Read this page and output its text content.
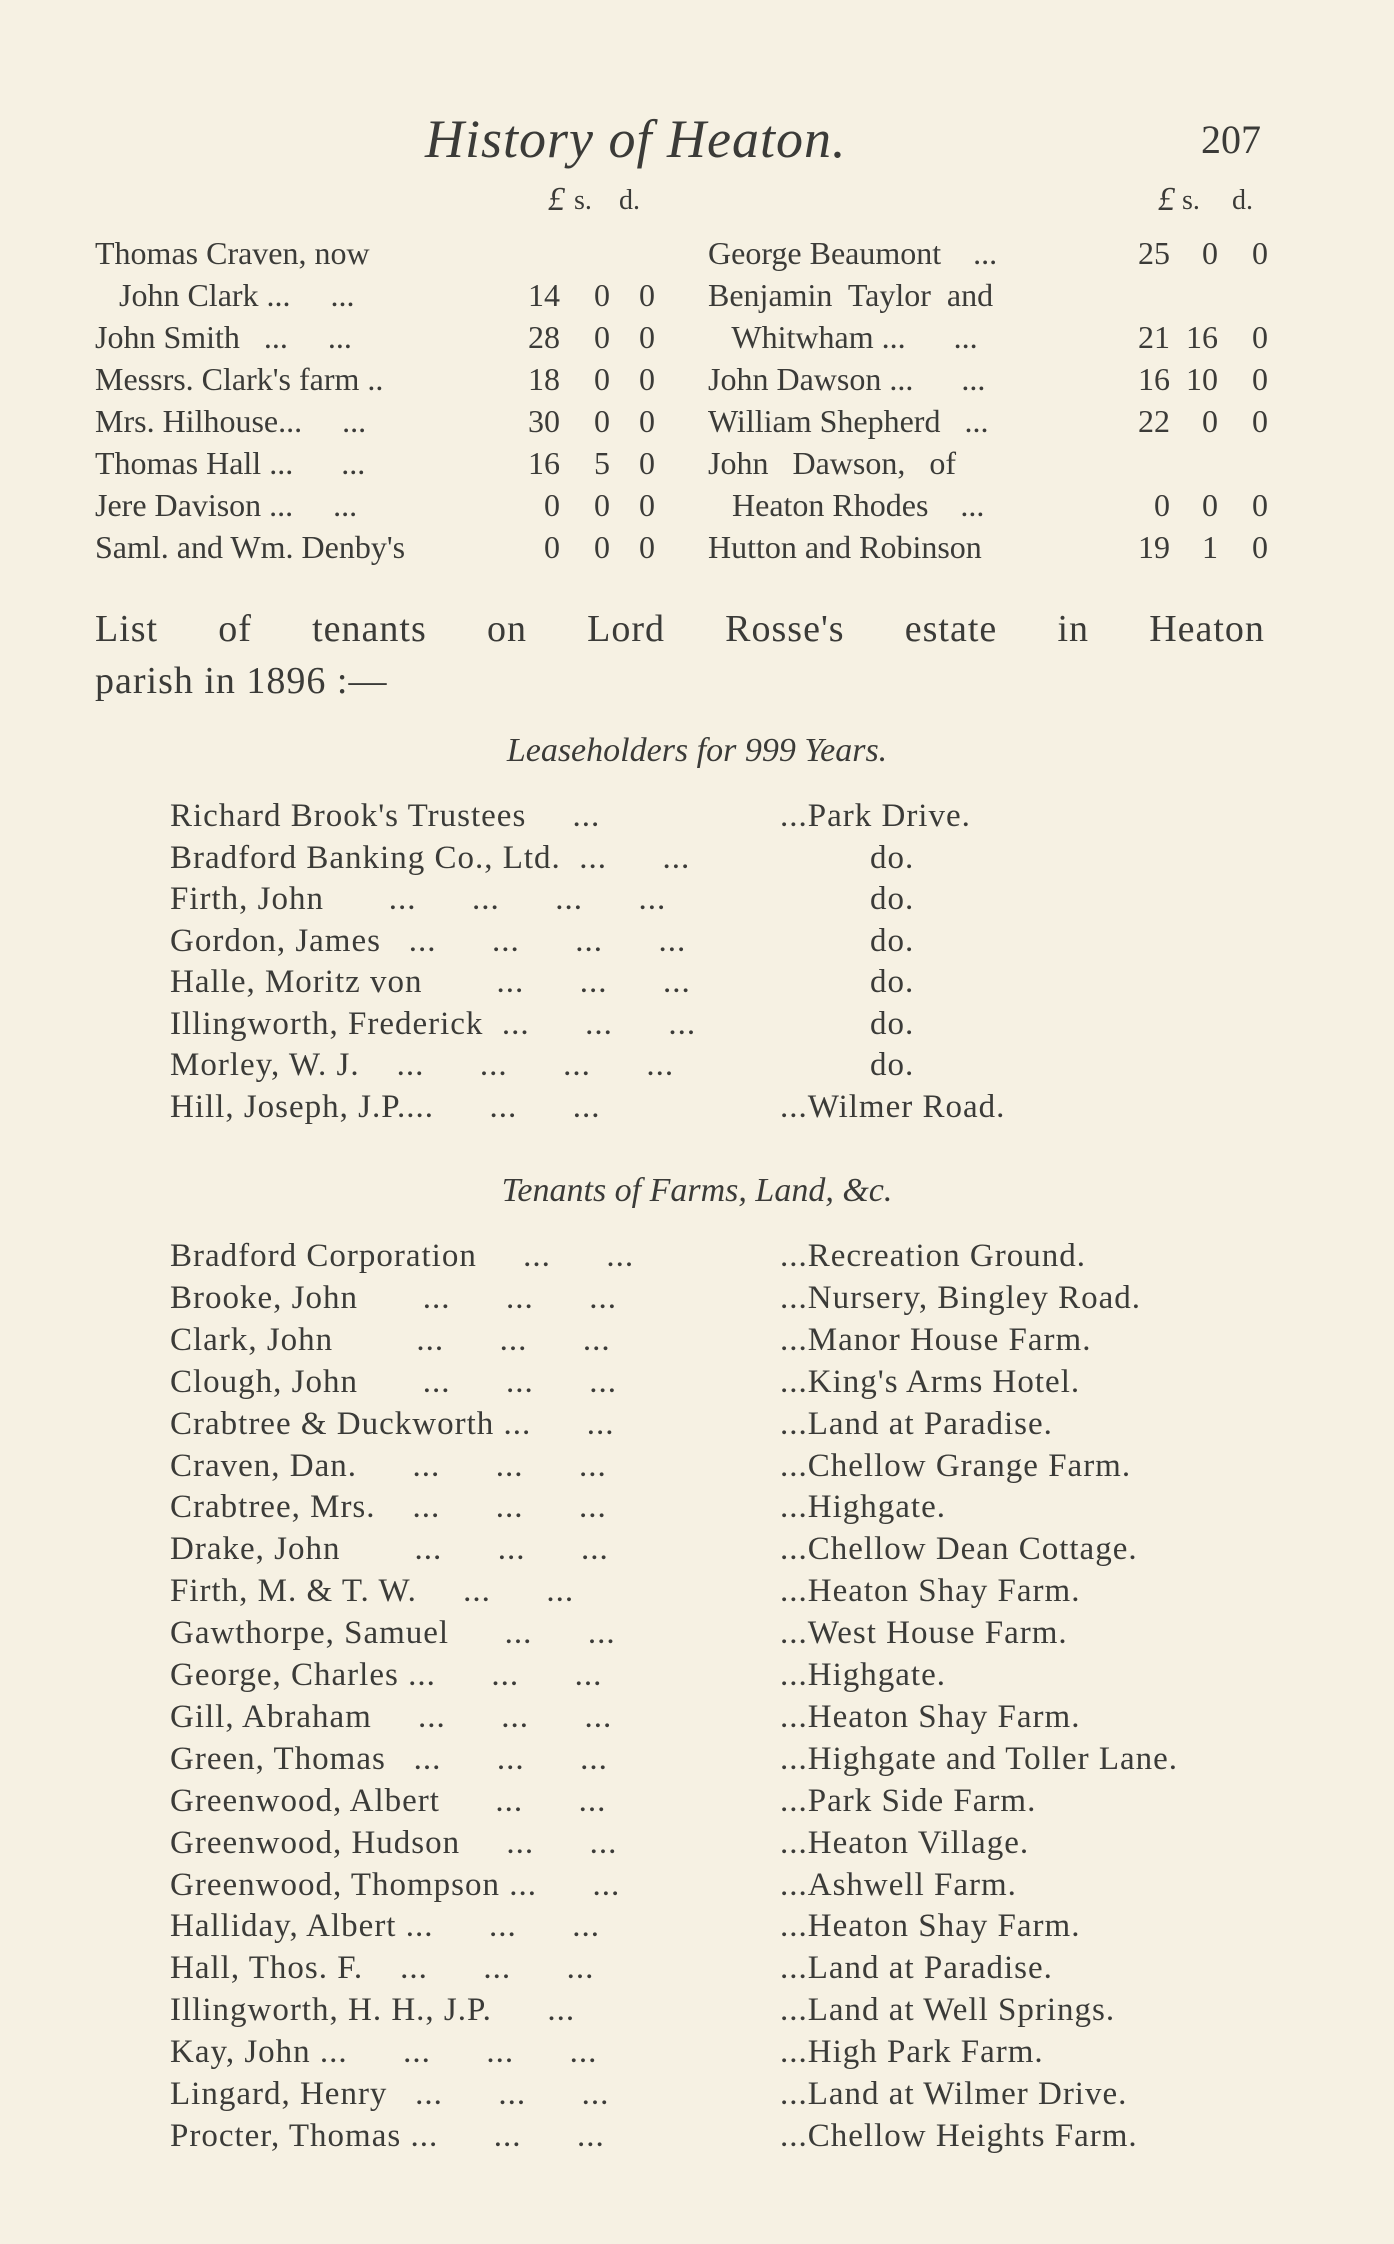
History of Heaton.	207
£ s. d.
Thomas Craven, now
John Clark ...     ...	14	0 0
John Smith   ...     ...	28	0 0
Messrs. Clark's farm ..	18	0 0
Mrs. Hilhouse...     ...	30	0 0
Thomas Hall ...      ...	16	5 0
Jere Davison ...     ...	0	0 0
Saml. and Wm. Denby's	0	0 0
£ s. d.
George Beaumont    ...	25	0	0
Benjamin  Taylor  and
Whitwham ...      ...	21 16	0
John Dawson ...      ...	16 10	0
William Shepherd   ...	22	0	0
John   Dawson,   of
Heaton Rhodes    ...	0	0	0
Hutton and Robinson	19	1	0
List of tenants on Lord Rosse's estate in Heaton
parish in 1896 :—
Leaseholders for 999 Years.
Richard Brook's Trustees     ...	...Park Drive.
Bradford Banking Co., Ltd.  ...      ...	do.
Firth, John       ...      ...      ...      ...	do.
Gordon, James   ...      ...      ...      ...	do.
Halle, Moritz von        ...      ...      ...	do.
Illingworth, Frederick  ...      ...      ...	do.
Morley, W. J.    ...      ...      ...      ...	do.
Hill, Joseph, J.P....      ...      ...	...Wilmer Road.
Tenants of Farms, Land, &c.
Bradford Corporation     ...      ...	...Recreation Ground.
Brooke, John       ...      ...      ...	...Nursery, Bingley Road.
Clark, John         ...      ...      ...	...Manor House Farm.
Clough, John       ...      ...      ...	...King's Arms Hotel.
Crabtree & Duckworth ...      ...	...Land at Paradise.
Craven, Dan.      ...      ...      ...	...Chellow Grange Farm.
Crabtree, Mrs.    ...      ...      ...	...Highgate.
Drake, John        ...      ...      ...	...Chellow Dean Cottage.
Firth, M. & T. W.     ...      ...	...Heaton Shay Farm.
Gawthorpe, Samuel      ...      ...	...West House Farm.
George, Charles ...      ...      ...	...Highgate.
Gill, Abraham     ...      ...      ...	...Heaton Shay Farm.
Green, Thomas   ...      ...      ...	...Highgate and Toller Lane.
Greenwood, Albert      ...      ...	...Park Side Farm.
Greenwood, Hudson     ...      ...	...Heaton Village.
Greenwood, Thompson ...      ...	...Ashwell Farm.
Halliday, Albert ...      ...      ...	...Heaton Shay Farm.
Hall, Thos. F.    ...      ...      ...	...Land at Paradise.
Illingworth, H. H., J.P.      ...	...Land at Well Springs.
Kay, John ...      ...      ...      ...	...High Park Farm.
Lingard, Henry   ...      ...      ...	...Land at Wilmer Drive.
Procter, Thomas ...      ...      ...	...Chellow Heights Farm.
